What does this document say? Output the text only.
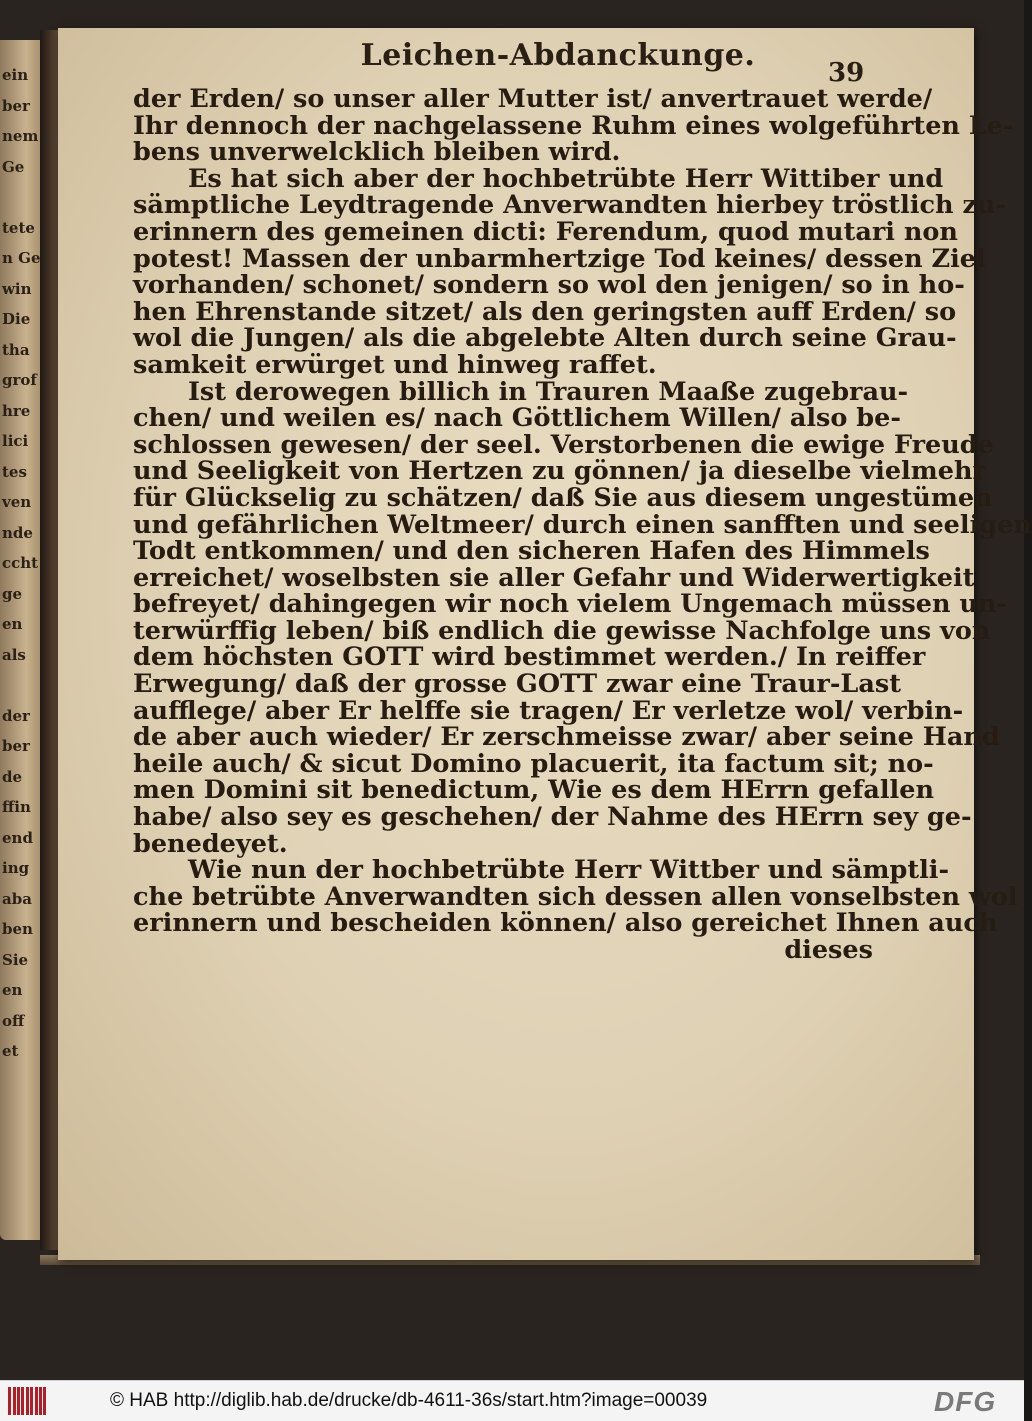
ein
ber
nem
Ge
tete
n Ge
win
Die
tha
grof
hre
lici
tes
ven
nde
ccht
ge
en
als
der
ber
de
ffin
end
ing
aba
ben
Sie
en
off
et
Leichen-Abdanckunge.	39
der Erden/ so unser aller Mutter ist/ anvertrauet werde/
Ihr dennoch der nachgelassene Ruhm eines wolgeführten Le-
bens unverwelcklich bleiben wird.
Es hat sich aber der hochbetrübte Herr Wittiber und
sämptliche Leydtragende Anverwandten hierbey tröstlich zu-
erinnern des gemeinen dicti: Ferendum, quod mutari non
potest! Massen der unbarmhertzige Tod keines/ dessen Ziel
vorhanden/ schonet/ sondern so wol den jenigen/ so in ho-
hen Ehrenstande sitzet/ als den geringsten auff Erden/ so
wol die Jungen/ als die abgelebte Alten durch seine Grau-
samkeit erwürget und hinweg raffet.
Ist derowegen billich in Trauren Maaße zugebrau-
chen/ und weilen es/ nach Göttlichem Willen/ also be-
schlossen gewesen/ der seel. Verstorbenen die ewige Freude
und Seeligkeit von Hertzen zu gönnen/ ja dieselbe vielmehr
für Glückselig zu schätzen/ daß Sie aus diesem ungestümen
und gefährlichen Weltmeer/ durch einen sanfften und seeligen
Todt entkommen/ und den sicheren Hafen des Himmels
erreichet/ woselbsten sie aller Gefahr und Widerwertigkeit
befreyet/ dahingegen wir noch vielem Ungemach müssen un-
terwürffig leben/ biß endlich die gewisse Nachfolge uns von
dem höchsten GOTT wird bestimmet werden./ In reiffer
Erwegung/ daß der grosse GOTT zwar eine Traur-Last
aufflege/ aber Er helffe sie tragen/ Er verletze wol/ verbin-
de aber auch wieder/ Er zerschmeisse zwar/ aber seine Hand
heile auch/ & sicut Domino placuerit, ita factum sit; no-
men Domini sit benedictum, Wie es dem HErrn gefallen
habe/ also sey es geschehen/ der Nahme des HErrn sey ge-
benedeyet.
Wie nun der hochbetrübte Herr Wittber und sämptli-
che betrübte Anverwandten sich dessen allen vonselbsten wol
erinnern und bescheiden können/ also gereichet Ihnen auch
dieses
© HAB http://diglib.hab.de/drucke/db-4611-36s/start.htm?image=00039	DFG
